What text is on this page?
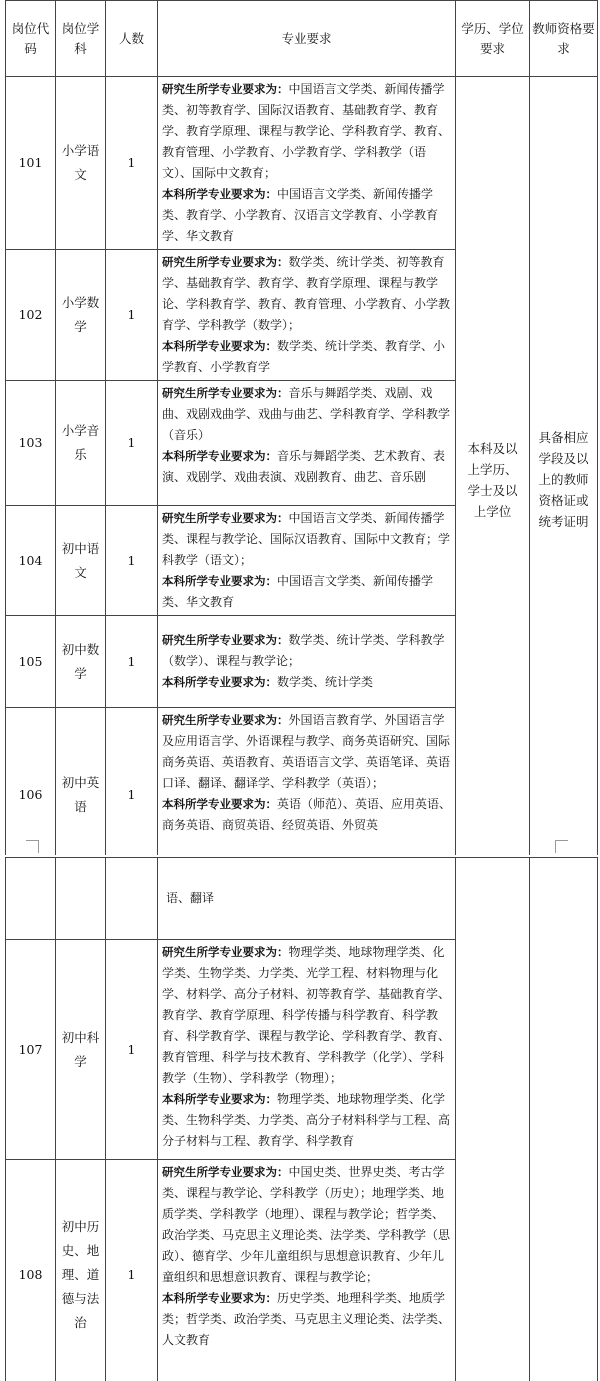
岗位代码	岗位学科	人数	专业要求	学历、学位要求	教师资格要求
101	小学语文	1	研究生所学专业要求为：中国语言文学类、新闻传播学类、初等教育学、国际汉语教育、基础教育学、教育学、教育学原理、课程与教学论、学科教育学、教育、教育管理、小学教育、小学教育学、学科教学（语文）、国际中文教育；
本科所学专业要求为：中国语言文学类、新闻传播学类、教育学、小学教育、汉语言文学教育、小学教育学、华文教育	本科及以上学历、学士及以上学位	具备相应学段及以上的教师资格证或统考证明

102	小学数学	1	研究生所学专业要求为：数学类、统计学类、初等教育学、基础教育学、教育学、教育学原理、课程与教学论、学科教育学、教育、教育管理、小学教育、小学教育学、学科教学（数学）；
本科所学专业要求为：数学类、统计学类、教育学、小学教育、小学教育学		
103	小学音乐	1	研究生所学专业要求为：音乐与舞蹈学类、戏剧、戏曲、戏剧戏曲学、戏曲与曲艺、学科教育学、学科教学（音乐）
本科所学专业要求为：音乐与舞蹈学类、艺术教育、表演、戏剧学、戏曲表演、戏剧教育、曲艺、音乐剧		
104	初中语文	1	研究生所学专业要求为：中国语言文学类、新闻传播学类、课程与教学论、国际汉语教育、国际中文教育；学科教学（语文）；
本科所学专业要求为：中国语言文学类、新闻传播学类、华文教育		
105	初中数学	1	研究生所学专业要求为：数学类、统计学类、学科教学（数学）、课程与教学论；
本科所学专业要求为：数学类、统计学类		
106	初中英语	1	研究生所学专业要求为：外国语言教育学、外国语言学及应用语言学、外语课程与教学、商务英语研究、国际商务英语、英语教育、英语语言文学、英语笔译、英语口译、翻译、翻译学、学科教学（英语）；
本科所学专业要求为：英语（师范）、英语、应用英语、商务英语、商贸英语、经贸英语、外贸英		
			语、翻译		
107	初中科学	1	研究生所学专业要求为：物理学类、地球物理学类、化学类、生物学类、力学类、光学工程、材料物理与化学、材料学、高分子材料、初等教育学、基础教育学、教育学、教育学原理、科学传播与科学教育、科学教育、科学教育学、课程与教学论、学科教育学、教育、教育管理、科学与技术教育、学科教学（化学）、学科教学（生物）、学科教学（物理）；
本科所学专业要求为：物理学类、地球物理学类、化学类、生物科学类、力学类、高分子材料科学与工程、高分子材料与工程、教育学、科学教育		
108	初中历史、地理、道德与法治	1	研究生所学专业要求为：中国史类、世界史类、考古学类、课程与教学论、学科教学（历史）；地理学类、地质学类、学科教学（地理）、课程与教学论；哲学类、政治学类、马克思主义理论类、法学类、学科教学（思政）、德育学、少年儿童组织与思想意识教育、少年儿童组织和思想意识教育、课程与教学论；
本科所学专业要求为：历史学类、地理科学类、地质学类；哲学类、政治学类、马克思主义理论类、法学类、人文教育		
